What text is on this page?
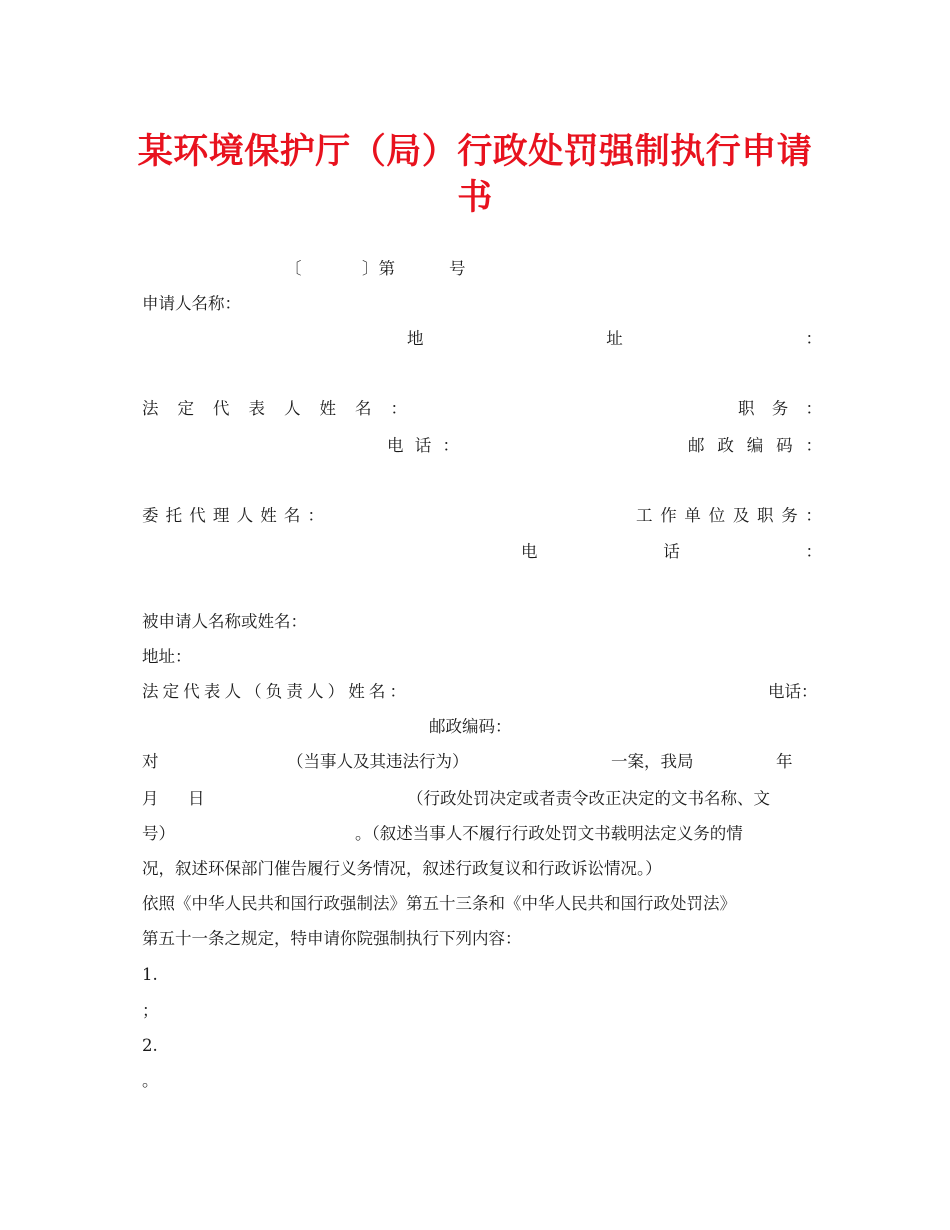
某环境保护厅（局）行政处罚强制执行申请
书
〔	〕第	号
申请人名称：
地	址	：
法 定 代 表 人 姓 名 ：	职 务 ：
电 话 ：	邮 政 编 码 ：
委 托 代 理 人 姓 名 ：	工 作 单 位 及 职 务 ：
电	话	：
被申请人名称或姓名：
地址：
法 定 代 表 人 （ 负 责 人 ） 姓 名 ：	电话：
邮政编码：
对	（当事人及其违法行为）	一案，我局	年
月 日	（行政处罚决定或者责令改正决定的文书名称、文
号）	。（叙述当事人不履行行政处罚文书载明法定义务的情
况，叙述环保部门催告履行义务情况，叙述行政复议和行政诉讼情况。）
依照《中华人民共和国行政强制法》第五十三条和《中华人民共和国行政处罚法》
第五十一条之规定，特申请你院强制执行下列内容：
1.
；
2.
。
